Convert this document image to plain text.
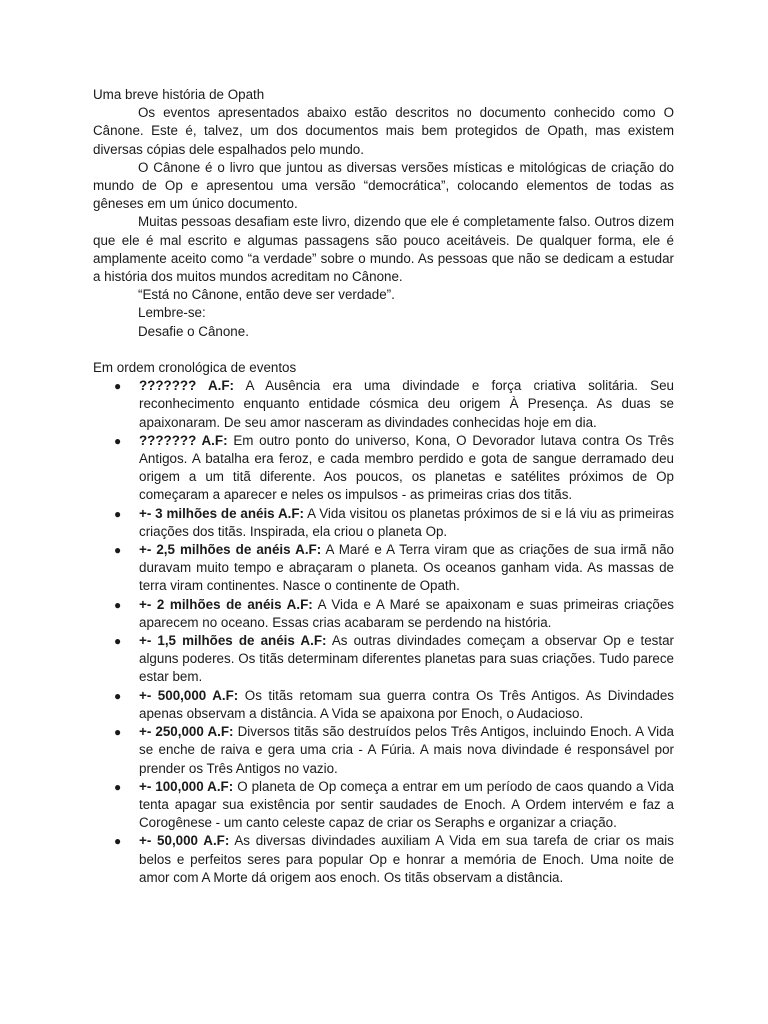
Uma breve história de Opath

Os eventos apresentados abaixo estão descritos no documento conhecido como O Cânone. Este é, talvez, um dos documentos mais bem protegidos de Opath, mas existem diversas cópias dele espalhados pelo mundo.

O Cânone é o livro que juntou as diversas versões místicas e mitológicas de criação do mundo de Op e apresentou uma versão “democrática”, colocando elementos de todas as gêneses em um único documento.

Muitas pessoas desafiam este livro, dizendo que ele é completamente falso. Outros dizem que ele é mal escrito e algumas passagens são pouco aceitáveis. De qualquer forma, ele é amplamente aceito como “a verdade” sobre o mundo. As pessoas que não se dedicam a estudar a história dos muitos mundos acreditam no Cânone.

“Está no Cânone, então deve ser verdade”.

Lembre-se:

Desafie o Cânone.

Em ordem cronológica de eventos

● ??????? A.F: A Ausência era uma divindade e força criativa solitária. Seu reconhecimento enquanto entidade cósmica deu origem À Presença. As duas se apaixonaram. De seu amor nasceram as divindades conhecidas hoje em dia.
● ??????? A.F: Em outro ponto do universo, Kona, O Devorador lutava contra Os Três Antigos. A batalha era feroz, e cada membro perdido e gota de sangue derramado deu origem a um titã diferente. Aos poucos, os planetas e satélites próximos de Op começaram a aparecer e neles os impulsos - as primeiras crias dos titãs.
● +- 3 milhões de anéis A.F: A Vida visitou os planetas próximos de si e lá viu as primeiras criações dos titãs. Inspirada, ela criou o planeta Op.
● +- 2,5 milhões de anéis A.F: A Maré e A Terra viram que as criações de sua irmã não duravam muito tempo e abraçaram o planeta. Os oceanos ganham vida. As massas de terra viram continentes. Nasce o continente de Opath.
● +- 2 milhões de anéis A.F: A Vida e A Maré se apaixonam e suas primeiras criações aparecem no oceano. Essas crias acabaram se perdendo na história.
● +- 1,5 milhões de anéis A.F: As outras divindades começam a observar Op e testar alguns poderes. Os titãs determinam diferentes planetas para suas criações. Tudo parece estar bem.
● +- 500,000 A.F: Os titãs retomam sua guerra contra Os Três Antigos. As Divindades apenas observam a distância. A Vida se apaixona por Enoch, o Audacioso.
● +- 250,000 A.F: Diversos titãs são destruídos pelos Três Antigos, incluindo Enoch. A Vida se enche de raiva e gera uma cria - A Fúria. A mais nova divindade é responsável por prender os Três Antigos no vazio.
● +- 100,000 A.F: O planeta de Op começa a entrar em um período de caos quando a Vida tenta apagar sua existência por sentir saudades de Enoch. A Ordem intervém e faz a Corogênese - um canto celeste capaz de criar os Seraphs e organizar a criação.
● +- 50,000 A.F: As diversas divindades auxiliam A Vida em sua tarefa de criar os mais belos e perfeitos seres para popular Op e honrar a memória de Enoch. Uma noite de amor com A Morte dá origem aos enoch. Os titãs observam a distância.
